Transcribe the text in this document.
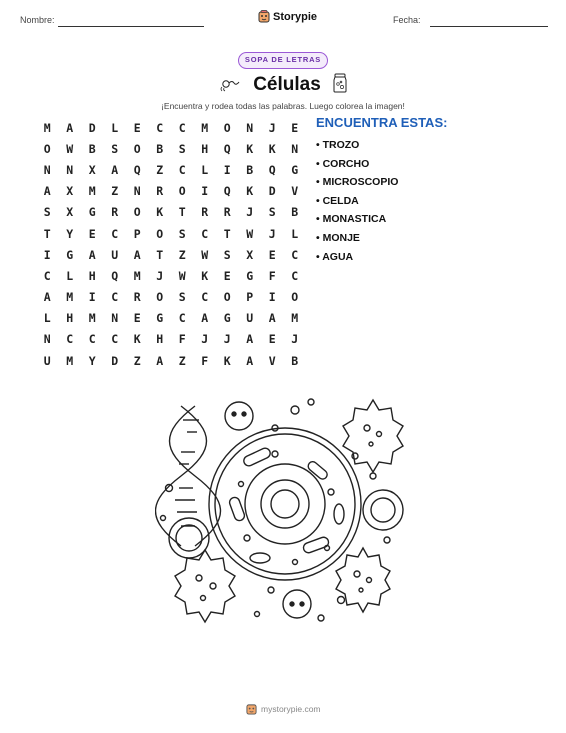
Nombre:	Storypie	Fecha:
SOPA DE LETRAS
Células
¡Encuentra y rodea todas las palabras. Luego colorea la imagen!
M	A	D	L	E	C	C	M	O	N	J	E
O	W	B	S	O	B	S	H	Q	K	K	N
N	N	X	A	Q	Z	C	L	I	B	Q	G
A	X	M	Z	N	R	O	I	Q	K	D	V
S	X	G	R	O	K	T	R	R	J	S	B
T	Y	E	C	P	O	S	C	T	W	J	L
I	G	A	U	A	T	Z	W	S	X	E	C
C	L	H	Q	M	J	W	K	E	G	F	C
A	M	I	C	R	O	S	C	O	P	I	O
L	H	M	N	E	G	C	A	G	U	A	M
N	C	C	C	K	H	F	J	J	A	E	J
U	M	Y	D	Z	A	Z	F	K	A	V	B
ENCUENTRA ESTAS:
• TROZO
• CORCHO
• MICROSCOPIO
• CELDA
• MONASTICA
• MONJE
• AGUA
mystorypie.com
